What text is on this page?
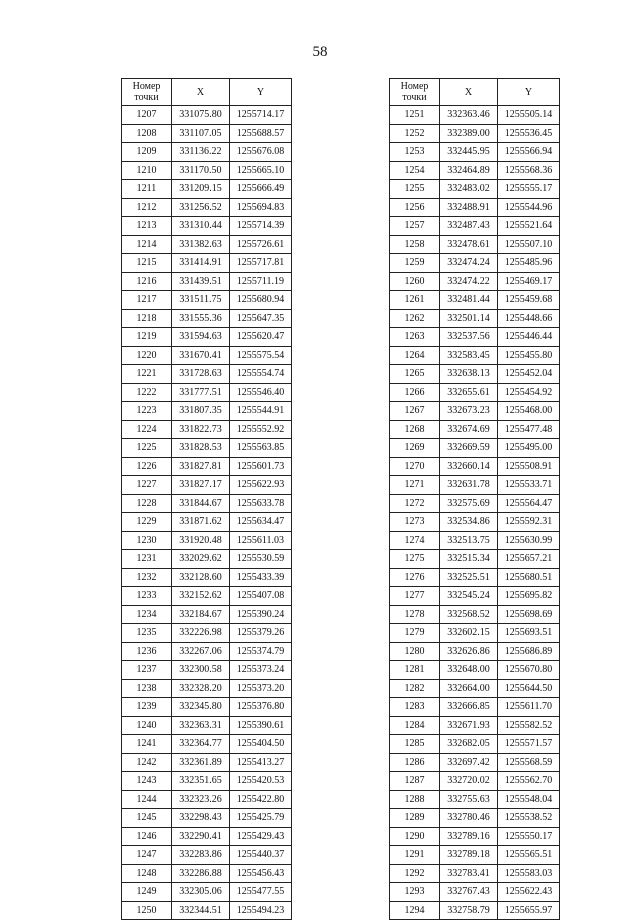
58
Номер
точки	X	Y
1207	331075.80	1255714.17
1208	331107.05	1255688.57
1209	331136.22	1255676.08
1210	331170.50	1255665.10
1211	331209.15	1255666.49
1212	331256.52	1255694.83
1213	331310.44	1255714.39
1214	331382.63	1255726.61
1215	331414.91	1255717.81
1216	331439.51	1255711.19
1217	331511.75	1255680.94
1218	331555.36	1255647.35
1219	331594.63	1255620.47
1220	331670.41	1255575.54
1221	331728.63	1255554.74
1222	331777.51	1255546.40
1223	331807.35	1255544.91
1224	331822.73	1255552.92
1225	331828.53	1255563.85
1226	331827.81	1255601.73
1227	331827.17	1255622.93
1228	331844.67	1255633.78
1229	331871.62	1255634.47
1230	331920.48	1255611.03
1231	332029.62	1255530.59
1232	332128.60	1255433.39
1233	332152.62	1255407.08
1234	332184.67	1255390.24
1235	332226.98	1255379.26
1236	332267.06	1255374.79
1237	332300.58	1255373.24
1238	332328.20	1255373.20
1239	332345.80	1255376.80
1240	332363.31	1255390.61
1241	332364.77	1255404.50
1242	332361.89	1255413.27
1243	332351.65	1255420.53
1244	332323.26	1255422.80
1245	332298.43	1255425.79
1246	332290.41	1255429.43
1247	332283.86	1255440.37
1248	332286.88	1255456.43
1249	332305.06	1255477.55
1250	332344.51	1255494.23
Номер
точки	X	Y
1251	332363.46	1255505.14
1252	332389.00	1255536.45
1253	332445.95	1255566.94
1254	332464.89	1255568.36
1255	332483.02	1255555.17
1256	332488.91	1255544.96
1257	332487.43	1255521.64
1258	332478.61	1255507.10
1259	332474.24	1255485.96
1260	332474.22	1255469.17
1261	332481.44	1255459.68
1262	332501.14	1255448.66
1263	332537.56	1255446.44
1264	332583.45	1255455.80
1265	332638.13	1255452.04
1266	332655.61	1255454.92
1267	332673.23	1255468.00
1268	332674.69	1255477.48
1269	332669.59	1255495.00
1270	332660.14	1255508.91
1271	332631.78	1255533.71
1272	332575.69	1255564.47
1273	332534.86	1255592.31
1274	332513.75	1255630.99
1275	332515.34	1255657.21
1276	332525.51	1255680.51
1277	332545.24	1255695.82
1278	332568.52	1255698.69
1279	332602.15	1255693.51
1280	332626.86	1255686.89
1281	332648.00	1255670.80
1282	332664.00	1255644.50
1283	332666.85	1255611.70
1284	332671.93	1255582.52
1285	332682.05	1255571.57
1286	332697.42	1255568.59
1287	332720.02	1255562.70
1288	332755.63	1255548.04
1289	332780.46	1255538.52
1290	332789.16	1255550.17
1291	332789.18	1255565.51
1292	332783.41	1255583.03
1293	332767.43	1255622.43
1294	332758.79	1255655.97
